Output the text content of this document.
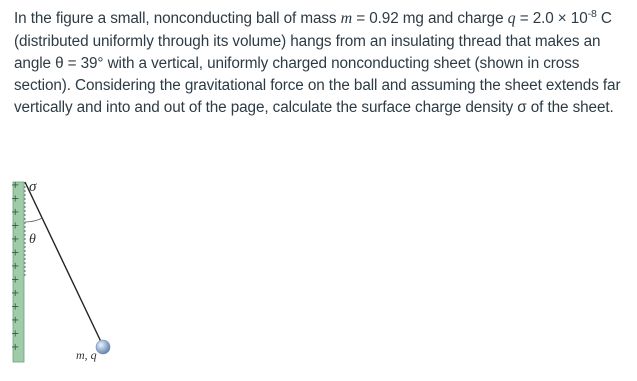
In the figure a small, nonconducting ball of mass m = 0.92 mg and charge $q = 2.0 \times 10^{-8}$ C (distributed uniformly through its volume) hangs from an insulating thread that makes an angle θ = 39° with a vertical, uniformly charged nonconducting sheet (shown in cross section). Considering the gravitational force on the ball and assuming the sheet extends far vertically and into and out of the page, calculate the surface charge density σ of the sheet.

+
+
+
+
+
+
+
+
+
+
+
+
+
σ
θ
m, q
